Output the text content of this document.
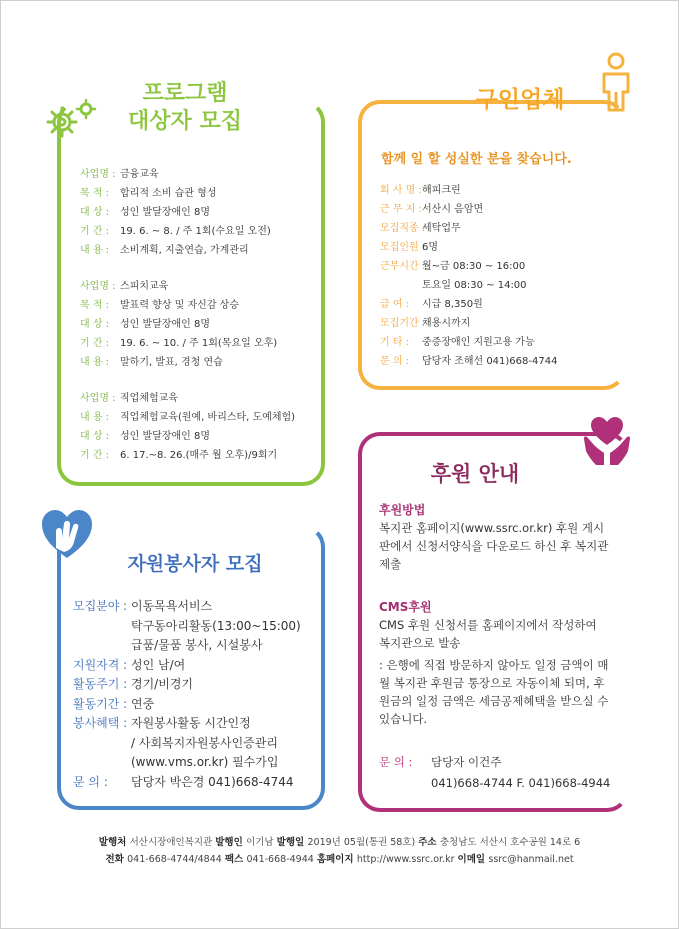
프로그램
대상자 모집
사업명 : 금융교육
목 적 :	합리적 소비 습관 형성
대 상 :	성인 발달장애인 8명
기 간 :	19. 6. ~ 8. / 주 1회(수요일 오전)
내 용 :	소비계획, 지출연습, 가계관리
사업명 : 스피치교육
목 적 :	발표력 향상 및 자신감 상승
대 상 :	성인 발달장애인 8명
기 간 :	19. 6. ~ 10. / 주 1회(목요일 오후)
내 용 :	말하기, 발표, 경청 연습
사업명 : 직업체험교육
내 용 :	직업체험교육(원예, 바리스타, 도예체험)
대 상 :	성인 발달장애인 8명
기 간 :	6. 17.~8. 26.(매주 월 오후)/9회기
구인업체
함께 일 할 성실한 분을 찾습니다.
회 사 명 : 해피크린
근 무 지 : 서산시 음암면
모집직종 :
세탁업무
모집인원 :
6명
근무시간 :
월~금 08:30 ~ 16:00
토요일 08:30 ~ 14:00
급 여 :	시급 8,350원
모집기간 :
채용시까지
기 타 :	중증장애인 지원고용 가능
문 의 :	담당자 조해선 041)668-4744
자원봉사자 모집
모집분야 : 이동목욕서비스
탁구동아리활동(13:00~15:00)
급품/물품 봉사, 시설봉사
지원자격 : 성인 남/여
활동주기 : 경기/비경기
활동기간 : 연중
봉사혜택 : 자원봉사활동 시간인정
/ 사회복지자원봉사인증관리
(www.vms.or.kr) 필수가입
문 의 :	담당자 박은경 041)668-4744
후원 안내
후원방법
복지관 홈페이지(www.ssrc.or.kr) 후원 게시판에서 신청서양식을 다운로드 하신 후 복지관 제출
CMS후원
CMS 후원 신청서를 홈페이지에서 작성하여 복지관으로 발송
: 은행에 직접 방문하지 않아도 일정 금액이 매월 복지관 후원금 통장으로 자동이체 되며, 후원금의 일정 금액은 세금공제혜택을 받으실 수 있습니다.
문 의 :	담당자 이건주
041)668-4744 F. 041)668-4944
발행처 서산시장애인복지관 발행인 이기남 발행일 2019년 05월(통권 58호) 주소 충청남도 서산시 호수공원 14로 6
전화 041-668-4744/4844 팩스 041-668-4944 홈페이지 http://www.ssrc.or.kr 이메일 ssrc@hanmail.net
